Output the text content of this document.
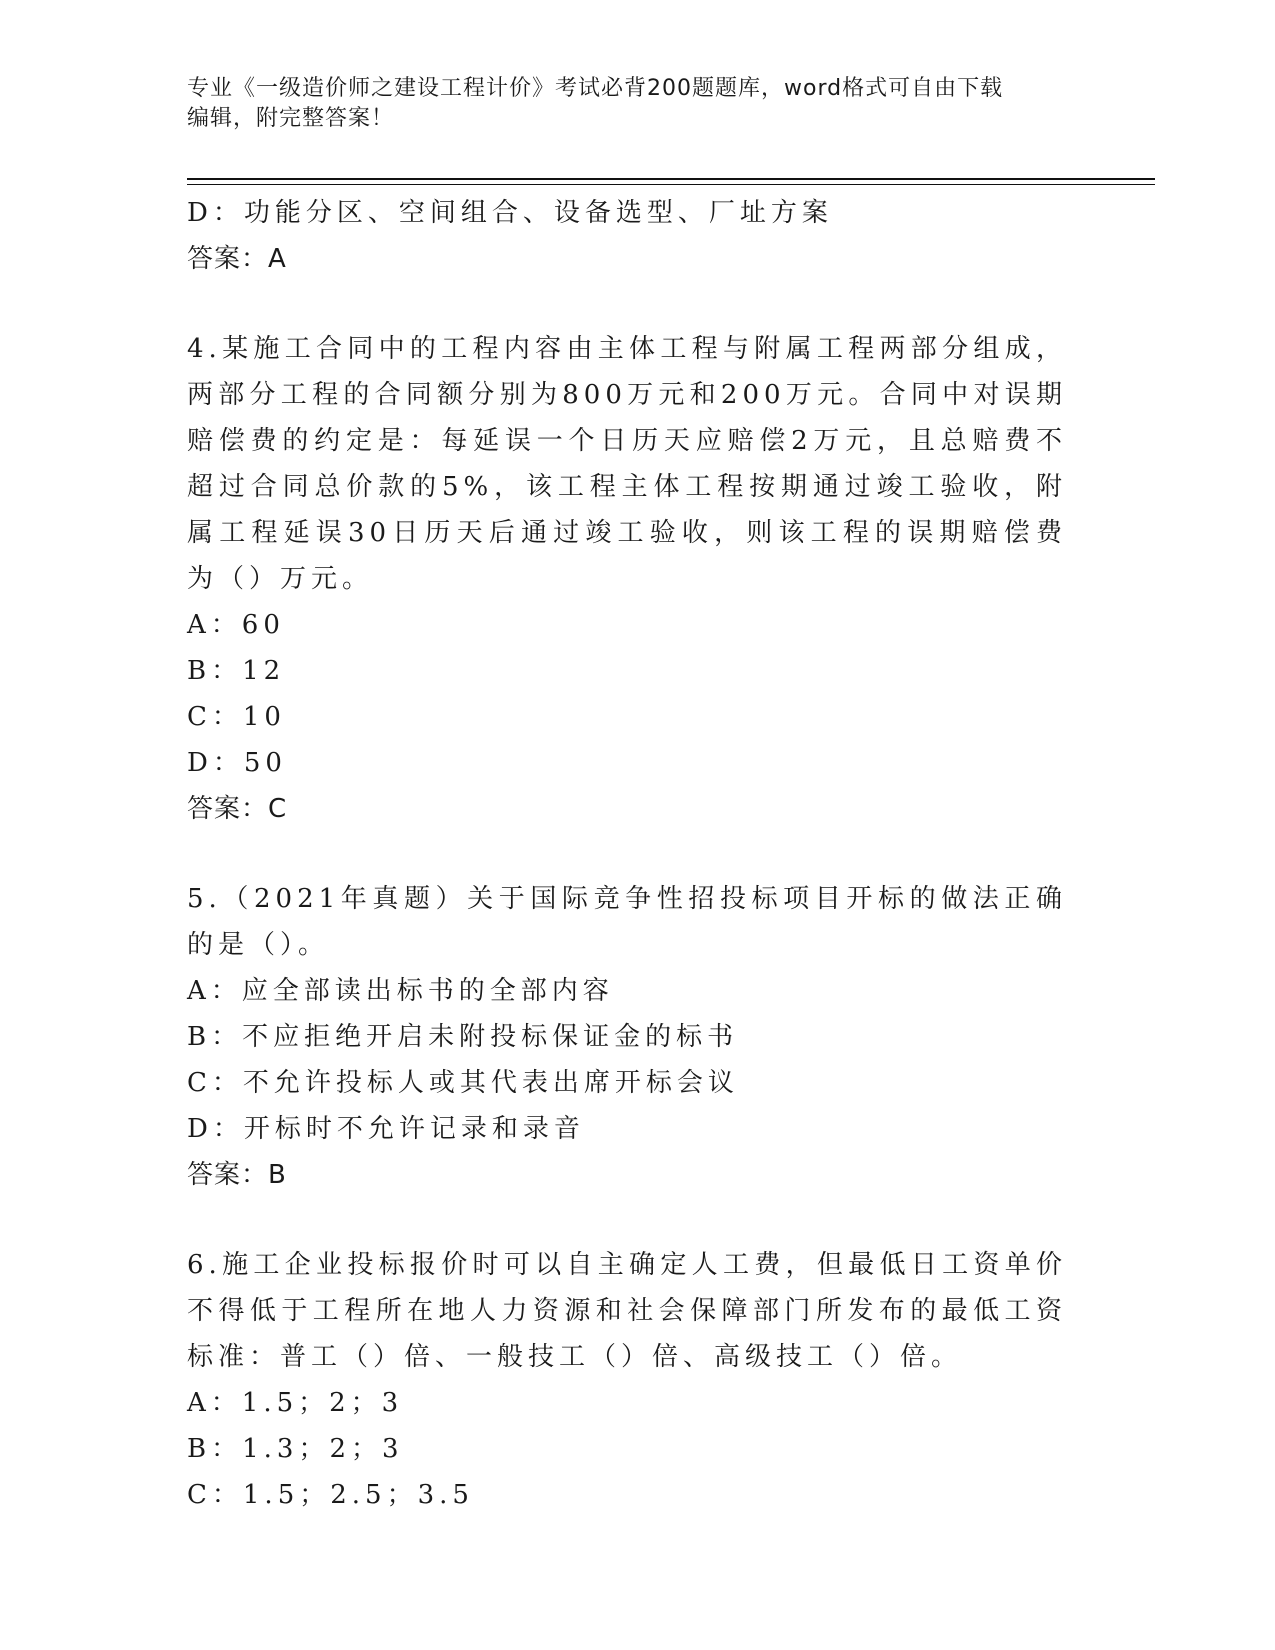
专业《一级造价师之建设工程计价》考试必背200题题库，word格式可自由下载
编辑，附完整答案！
D：功能分区、空间组合、设备选型、厂址方案
答案：A
4.某施工合同中的工程内容由主体工程与附属工程两部分组成，两部分工程的合同额分别为800万元和200万元。合同中对误期赔偿费的约定是：每延误一个日历天应赔偿2万元，且总赔费不超过合同总价款的5%，该工程主体工程按期通过竣工验收，附属工程延误30日历天后通过竣工验收，则该工程的误期赔偿费为（）万元。
A：60
B：12
C：10
D：50
答案：C
5.（2021年真题）关于国际竞争性招投标项目开标的做法正确的是（）。
A：应全部读出标书的全部内容
B：不应拒绝开启未附投标保证金的标书
C：不允许投标人或其代表出席开标会议
D：开标时不允许记录和录音
答案：B
6.施工企业投标报价时可以自主确定人工费，但最低日工资单价不得低于工程所在地人力资源和社会保障部门所发布的最低工资标准：普工（）倍、一般技工（）倍、高级技工（）倍。
A：1.5；2；3
B：1.3；2；3
C：1.5；2.5；3.5
